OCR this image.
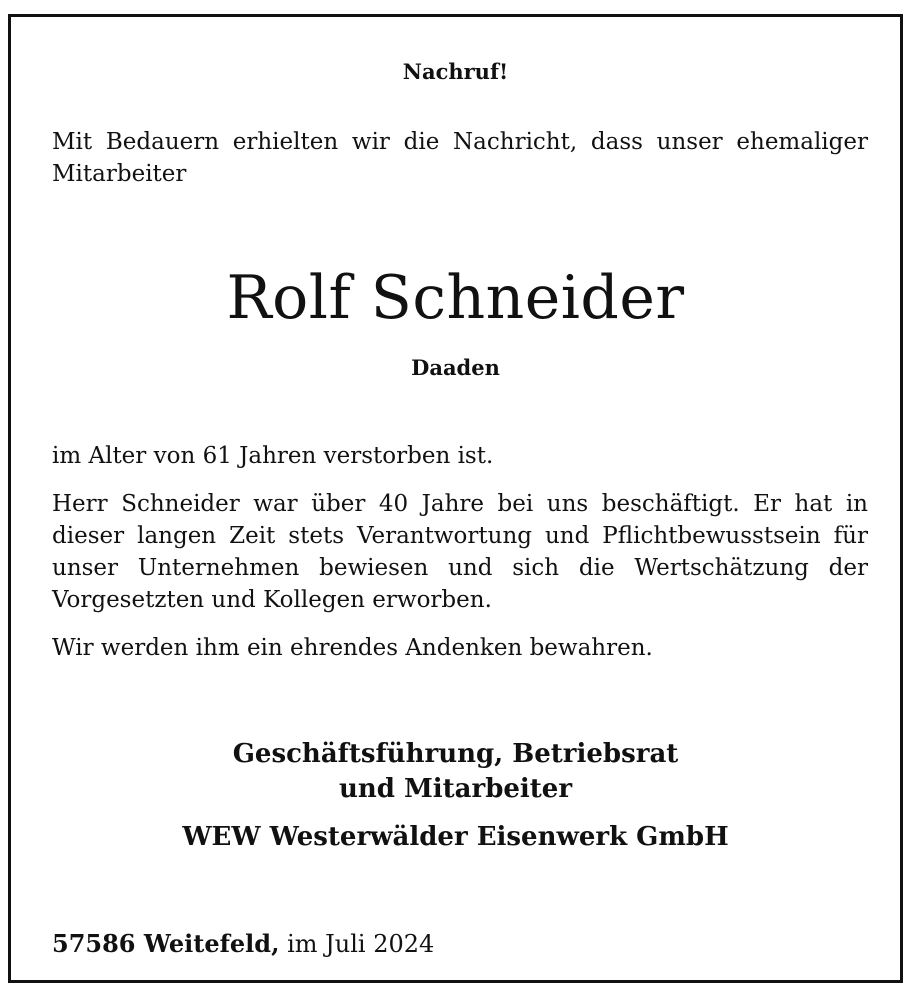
Nachruf!
Mit Bedauern erhielten wir die Nachricht, dass unser ehemaliger Mitarbeiter
Rolf Schneider
Daaden
im Alter von 61 Jahren verstorben ist.
Herr Schneider war über 40 Jahre bei uns beschäftigt. Er hat in dieser langen Zeit stets Verantwortung und Pflichtbewusstsein für unser Unternehmen bewiesen und sich die Wertschätzung der Vorgesetzten und Kollegen erworben.
Wir werden ihm ein ehrendes Andenken bewahren.
Geschäftsführung, Betriebsrat
und Mitarbeiter
WEW Westerwälder Eisenwerk GmbH
57586 Weitefeld, im Juli 2024
